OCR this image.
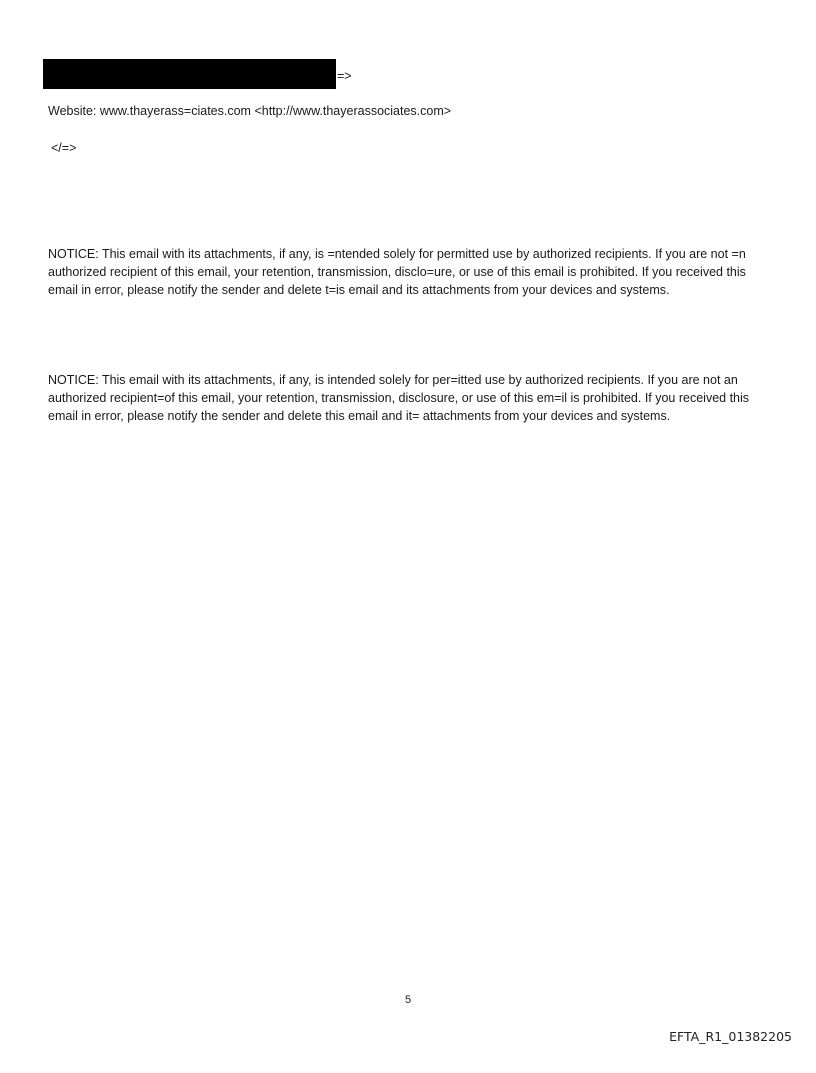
=>
Website: www.thayerass=ciates.com <http://www.thayerassociates.com>
</=>
NOTICE: This email with its attachments, if any, is =ntended solely for permitted use by authorized recipients. If you are not =n authorized recipient of this email, your retention, transmission, disclo=ure, or use of this email is prohibited. If you received this email in error, please notify the sender and delete t=is email and its attachments from your devices and systems.
NOTICE: This email with its attachments, if any, is intended solely for per=itted use by authorized recipients. If you are not an authorized recipient=of this email, your retention, transmission, disclosure, or use of this em=il is prohibited. If you received this email in error, please notify the sender and delete this email and it= attachments from your devices and systems.
5
EFTA_R1_01382205
